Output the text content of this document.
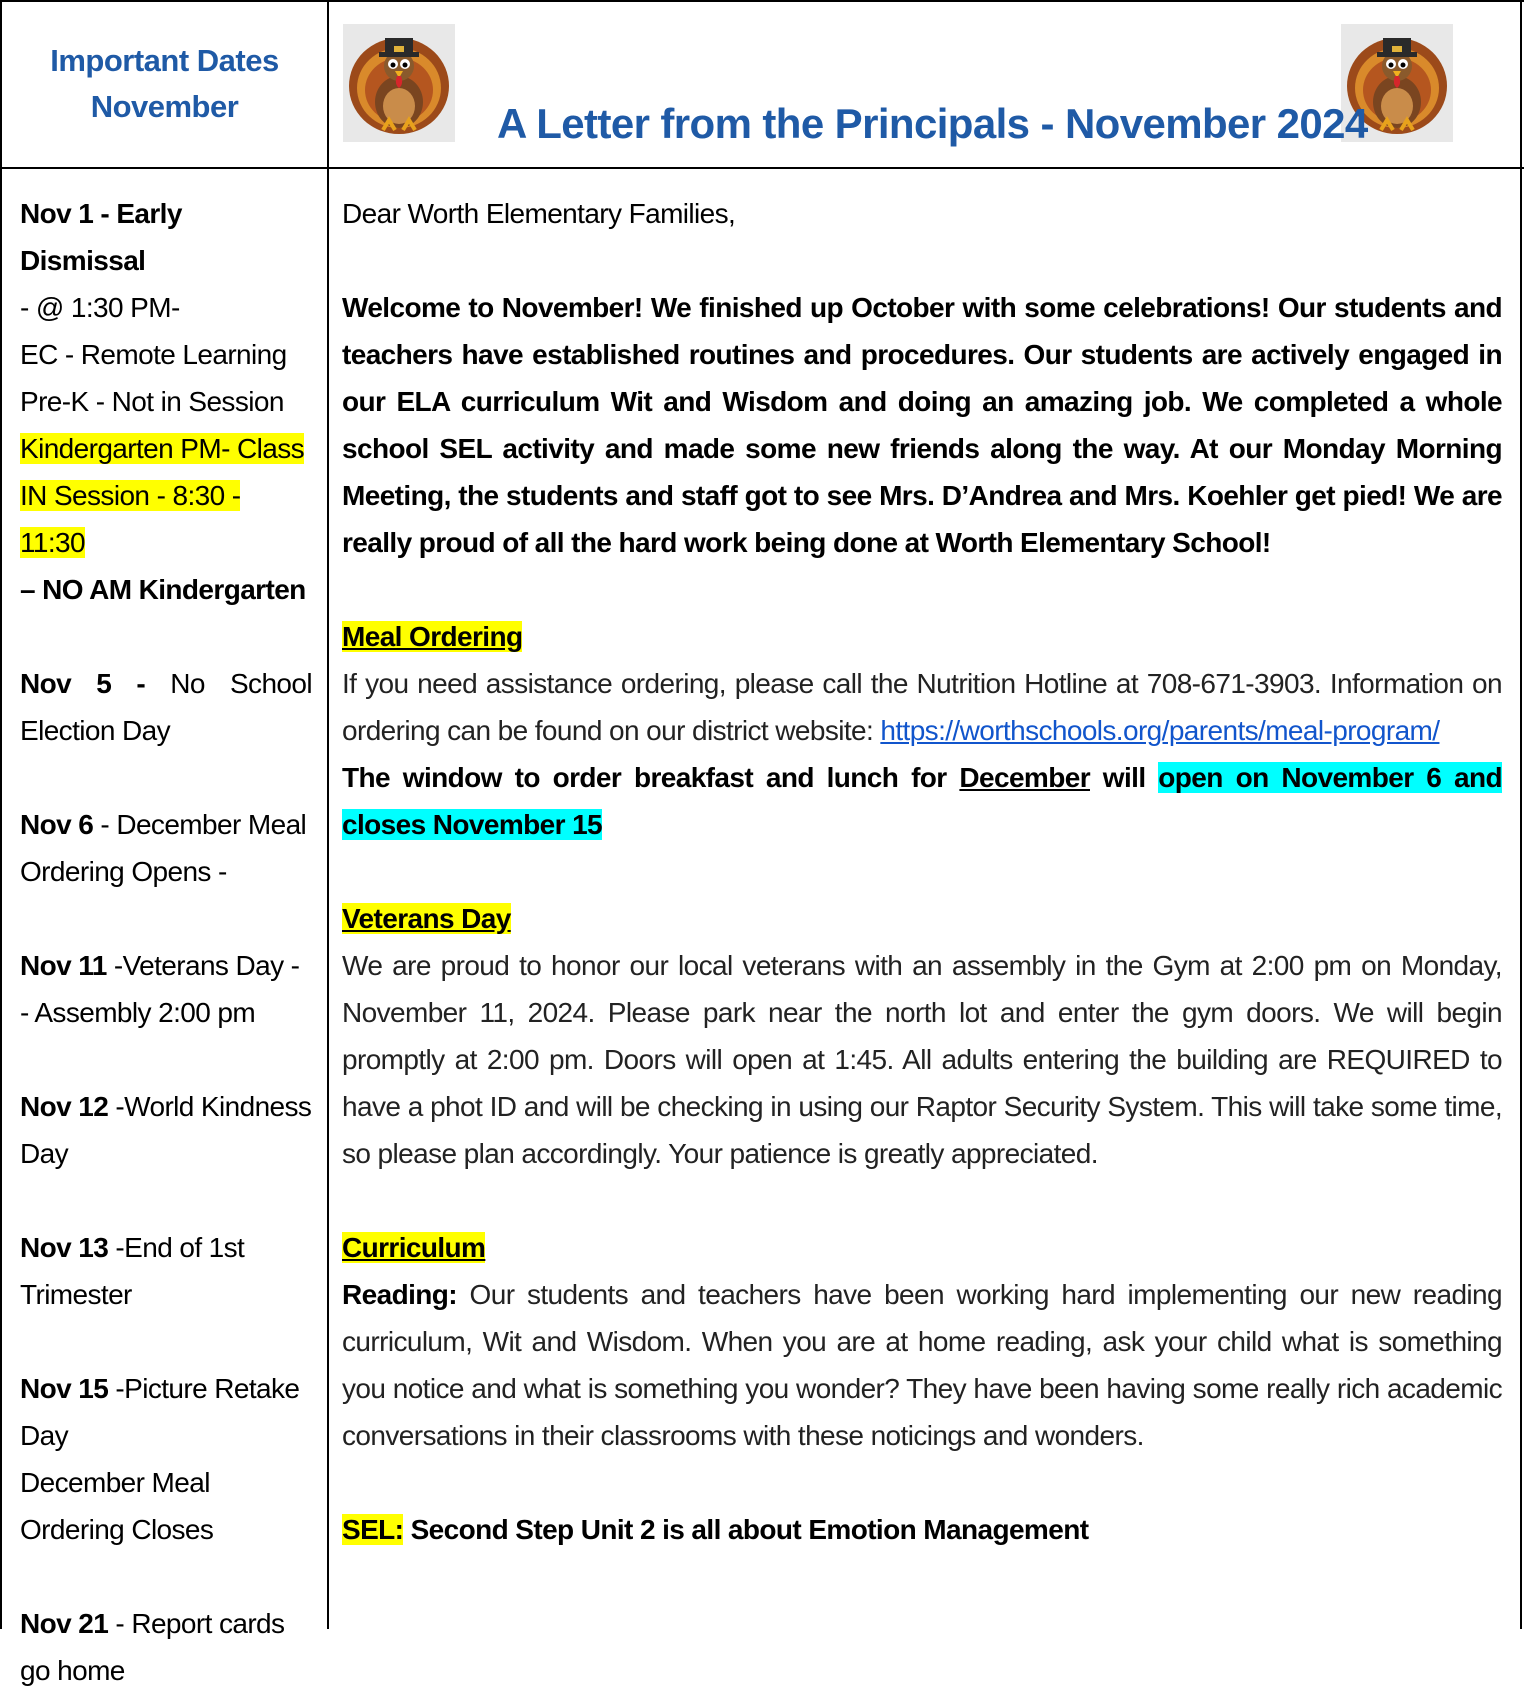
Important Dates
November	A Letter from the Principals - November 2024
Nov 1 - Early Dismissal
- @ 1:30 PM-
EC - Remote Learning
Pre-K - Not in Session
Kindergarten PM- Class
IN Session - 8:30 - 11:30
– NO AM Kindergarten
Nov 5 - No School Election Day
Nov 6 - December Meal Ordering Opens -
Nov 11 -Veterans Day - - Assembly 2:00 pm
Nov 12 -World Kindness Day
Nov 13 -End of 1st Trimester
Nov 15 -Picture Retake Day
December Meal Ordering Closes
Nov 21 - Report cards go home

Dear Worth Elementary Families,

Welcome to November! We finished up October with some celebrations! Our students and teachers have established routines and procedures. Our students are actively engaged in our ELA curriculum Wit and Wisdom and doing an amazing job. We completed a whole school SEL activity and made some new friends along the way. At our Monday Morning Meeting, the students and staff got to see Mrs. D’Andrea and Mrs. Koehler get pied! We are really proud of all the hard work being done at Worth Elementary School!

Meal Ordering

If you need assistance ordering, please call the Nutrition Hotline at 708-671-3903. Information on ordering can be found on our district website: https://worthschools.org/parents/meal-program/

The window to order breakfast and lunch for December will open on November 6 and closes November 15

Veterans Day

We are proud to honor our local veterans with an assembly in the Gym at 2:00 pm on Monday, November 11, 2024. Please park near the north lot and enter the gym doors. We will begin promptly at 2:00 pm. Doors will open at 1:45. All adults entering the building are REQUIRED to have a phot ID and will be checking in using our Raptor Security System. This will take some time, so please plan accordingly. Your patience is greatly appreciated.

Curriculum

Reading: Our students and teachers have been working hard implementing our new reading curriculum, Wit and Wisdom. When you are at home reading, ask your child what is something you notice and what is something you wonder? They have been having some really rich academic conversations in their classrooms with these noticings and wonders.

SEL: Second Step Unit 2 is all about Emotion Management
